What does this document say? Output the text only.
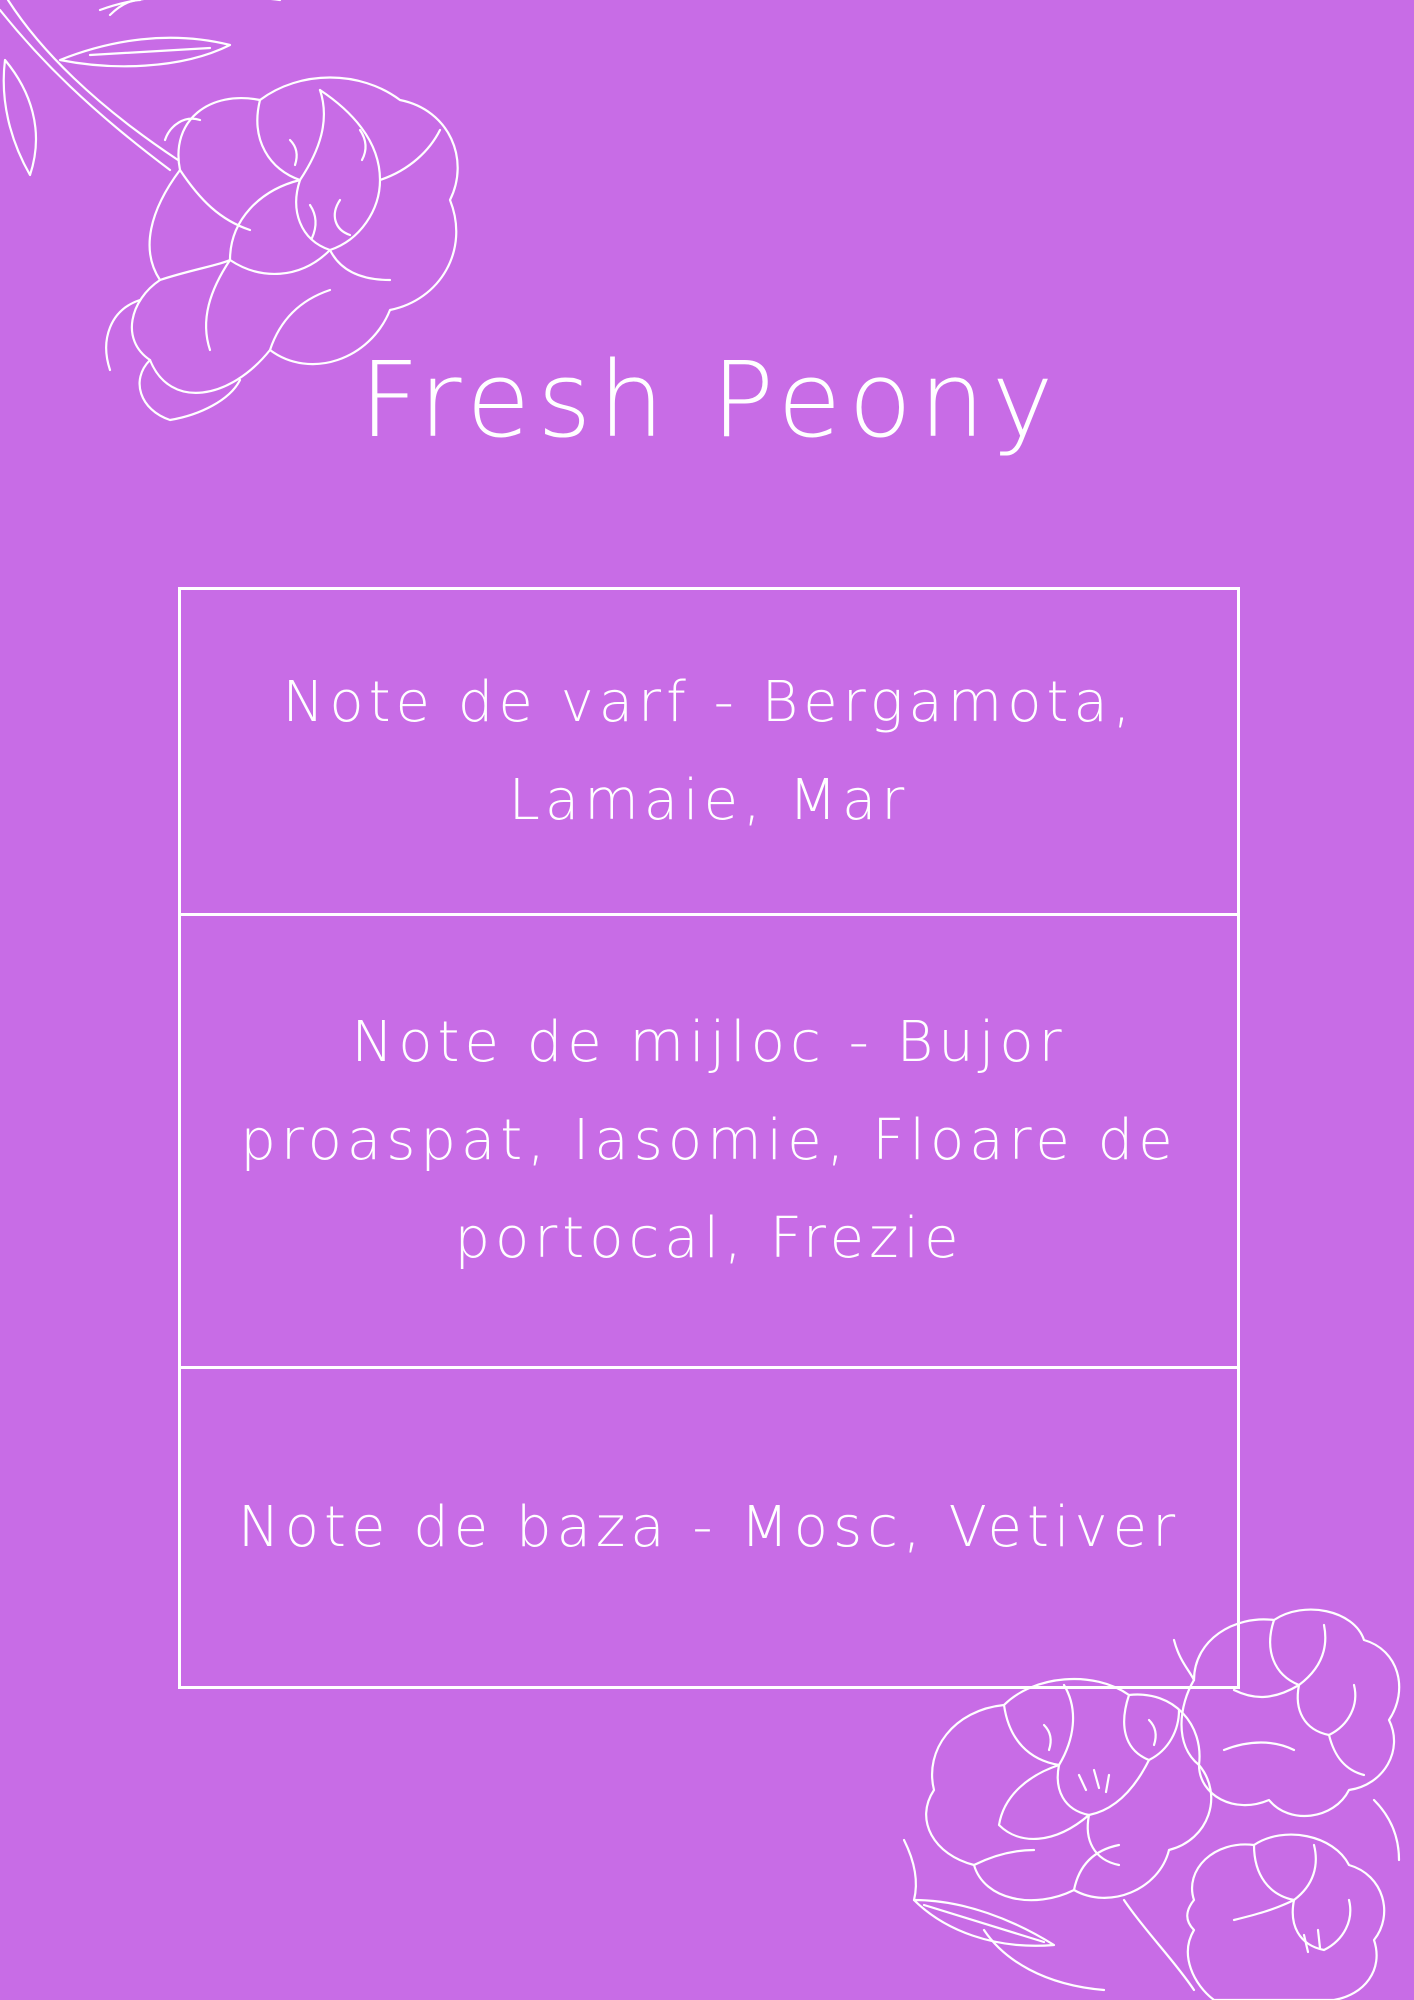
Fresh Peony
Note de varf - Bergamota, Lamaie, Mar
Note de mijloc - Bujor proaspat, Iasomie, Floare de portocal, Frezie
Note de baza - Mosc, Vetiver
